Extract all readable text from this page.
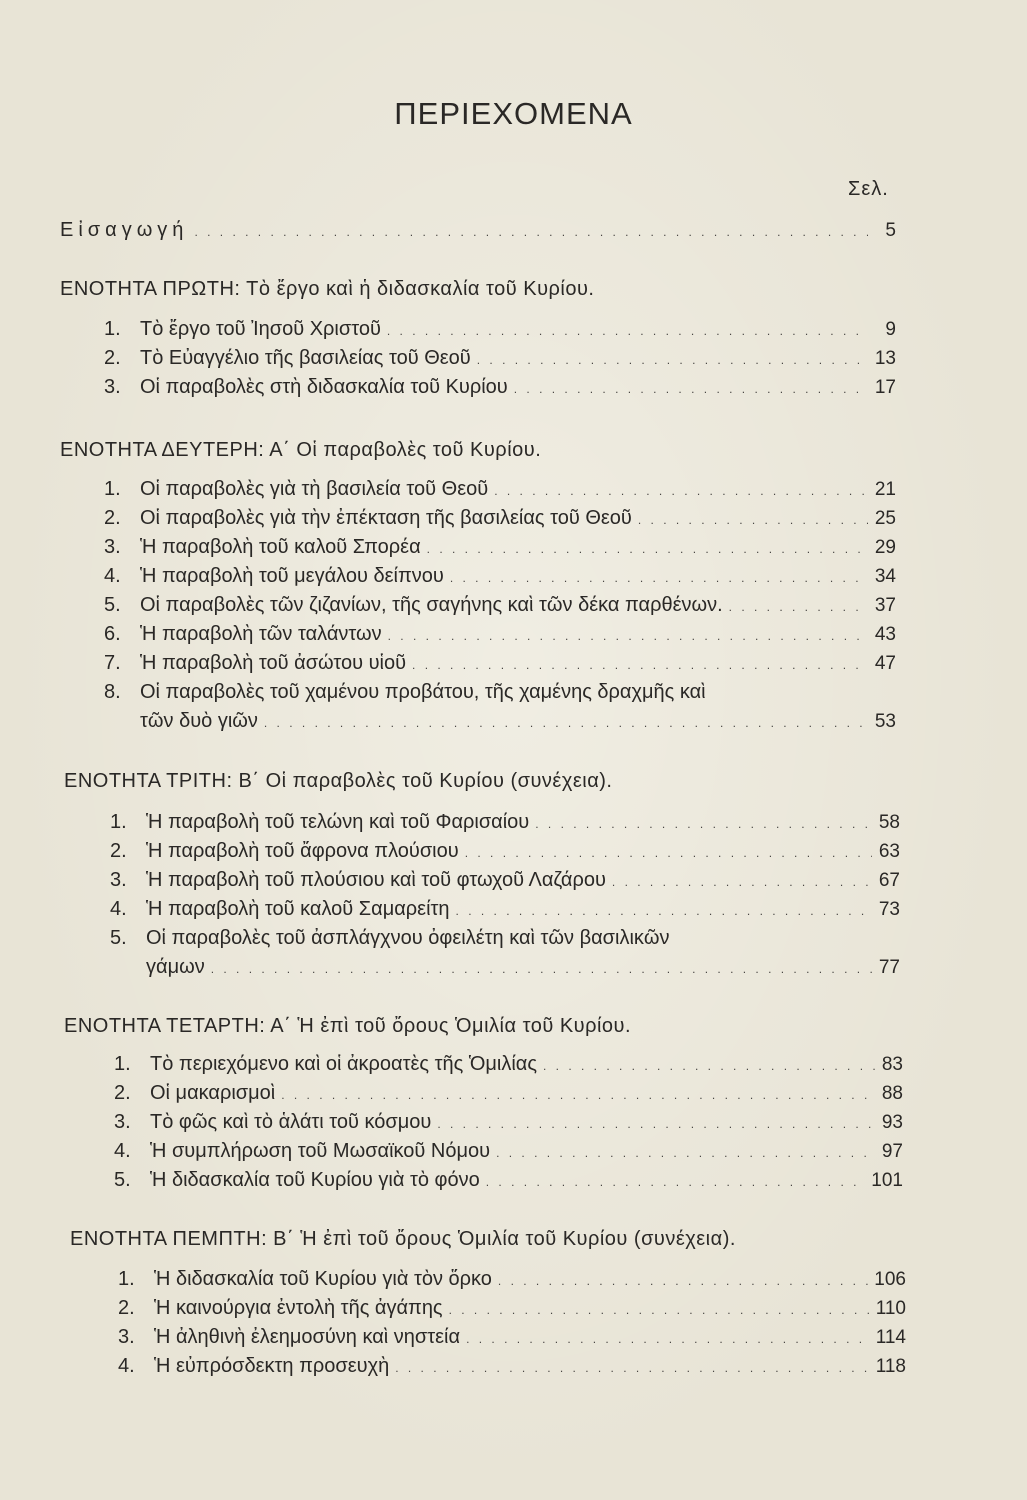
ΠΕΡΙΕΧΟΜΕΝΑ
Σελ.
Εἰσαγωγή . . .	5
ΕΝΟΤΗΤΑ ΠΡΩΤΗ: Τὸ ἔργο καὶ ἡ διδασκαλία τοῦ Κυρίου.
1. Τὸ ἔργο τοῦ Ἰησοῦ Χριστοῦ . . .	9
2. Τὸ Εὐαγγέλιο τῆς βασιλείας τοῦ Θεοῦ . . .	13
3. Οἱ παραβολὲς στὴ διδασκαλία τοῦ Κυρίου . . .	17
ΕΝΟΤΗΤΑ ΔΕΥΤΕΡΗ: Α΄ Οἱ παραβολὲς τοῦ Κυρίου.
1. Οἱ παραβολὲς γιὰ τὴ βασιλεία τοῦ Θεοῦ . . .	21
2. Οἱ παραβολὲς γιὰ τὴν ἐπέκταση τῆς βασιλείας τοῦ Θεοῦ . . .	25
3. Ἡ παραβολὴ τοῦ καλοῦ Σπορέα . . .	29
4. Ἡ παραβολὴ τοῦ μεγάλου δείπνου . . .	34
5. Οἱ παραβολὲς τῶν ζιζανίων, τῆς σαγήνης καὶ τῶν δέκα παρθένων. . . .	37
6. Ἡ παραβολὴ τῶν ταλάντων . . .	43
7. Ἡ παραβολὴ τοῦ ἀσώτου υἱοῦ . . .	47
8. Οἱ παραβολὲς τοῦ χαμένου προβάτου, τῆς χαμένης δραχμῆς καὶ
τῶν δυὸ γιῶν . . .	53
ΕΝΟΤΗΤΑ ΤΡΙΤΗ: Β΄ Οἱ παραβολὲς τοῦ Κυρίου (συνέχεια).
1. Ἡ παραβολὴ τοῦ τελώνη καὶ τοῦ Φαρισαίου . . .	58
2. Ἡ παραβολὴ τοῦ ἄφρονα πλούσιου . . .	63
3. Ἡ παραβολὴ τοῦ πλούσιου καὶ τοῦ φτωχοῦ Λαζάρου . . .	67
4. Ἡ παραβολὴ τοῦ καλοῦ Σαμαρείτη . . .	73
5. Οἱ παραβολὲς τοῦ ἀσπλάγχνου ὀφειλέτη καὶ τῶν βασιλικῶν
γάμων . . .	77
ΕΝΟΤΗΤΑ ΤΕΤΑΡΤΗ: Α΄ Ἡ ἐπὶ τοῦ ὄρους Ὁμιλία τοῦ Κυρίου.
1. Τὸ περιεχόμενο καὶ οἱ ἀκροατὲς τῆς Ὁμιλίας . . .	83
2. Οἱ μακαρισμοὶ . . .	88
3. Τὸ φῶς καὶ τὸ ἁλάτι τοῦ κόσμου . . .	93
4. Ἡ συμπλήρωση τοῦ Μωσαϊκοῦ Νόμου . . .	97
5. Ἡ διδασκαλία τοῦ Κυρίου γιὰ τὸ φόνο . . .	101
ΕΝΟΤΗΤΑ ΠΕΜΠΤΗ: Β΄ Ἡ ἐπὶ τοῦ ὄρους Ὁμιλία τοῦ Κυρίου (συνέχεια).
1. Ἡ διδασκαλία τοῦ Κυρίου γιὰ τὸν ὅρκο . . .	106
2. Ἡ καινούργια ἐντολὴ τῆς ἀγάπης . . .	110
3. Ἡ ἀληθινὴ ἐλεημοσύνη καὶ νηστεία . . .	114
4. Ἡ εὐπρόσδεκτη προσευχὴ . . .	118
